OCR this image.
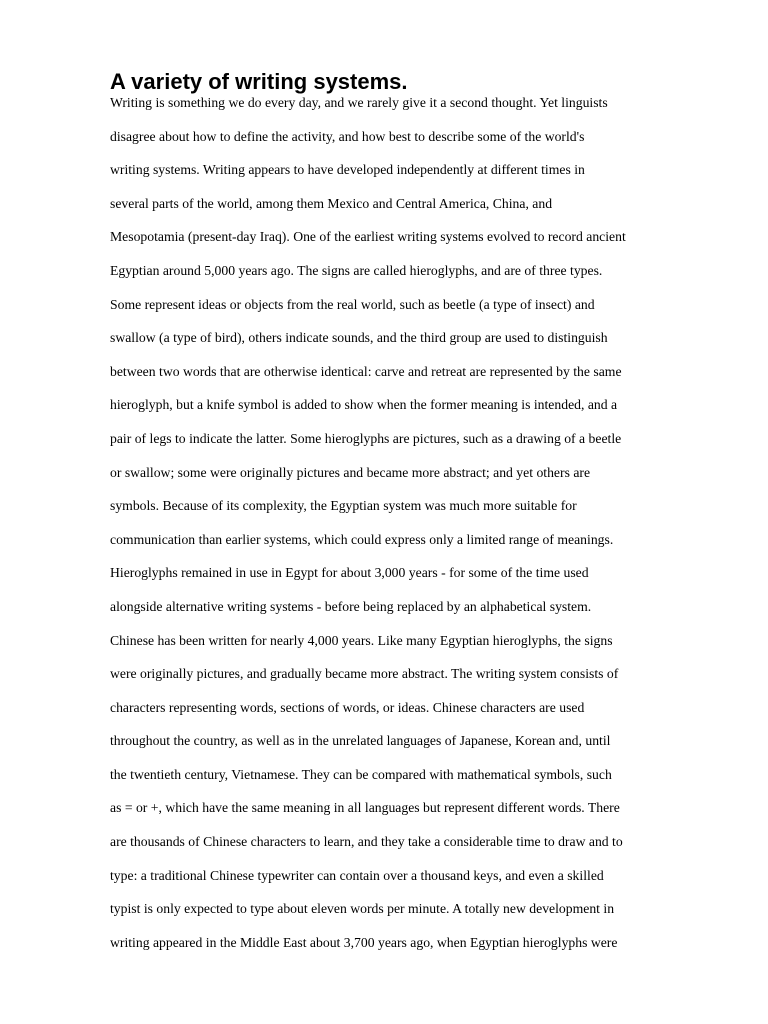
A variety of writing systems.
Writing is something we do every day, and we rarely give it a second thought. Yet linguists
disagree about how to define the activity, and how best to describe some of the world's
writing systems. Writing appears to have developed independently at different times in
several parts of the world, among them Mexico and Central America, China, and
Mesopotamia (present-day Iraq). One of the earliest writing systems evolved to record ancient
Egyptian around 5,000 years ago. The signs are called hieroglyphs, and are of three types.
Some represent ideas or objects from the real world, such as beetle (a type of insect) and
swallow (a type of bird), others indicate sounds, and the third group are used to distinguish
between two words that are otherwise identical: carve and retreat are represented by the same
hieroglyph, but a knife symbol is added to show when the former meaning is intended, and a
pair of legs to indicate the latter. Some hieroglyphs are pictures, such as a drawing of a beetle
or swallow; some were originally pictures and became more abstract; and yet others are
symbols. Because of its complexity, the Egyptian system was much more suitable for
communication than earlier systems, which could express only a limited range of meanings.
Hieroglyphs remained in use in Egypt for about 3,000 years - for some of the time used
alongside alternative writing systems - before being replaced by an alphabetical system.
Chinese has been written for nearly 4,000 years. Like many Egyptian hieroglyphs, the signs
were originally pictures, and gradually became more abstract. The writing system consists of
characters representing words, sections of words, or ideas. Chinese characters are used
throughout the country, as well as in the unrelated languages of Japanese, Korean and, until
the twentieth century, Vietnamese. They can be compared with mathematical symbols, such
as = or +, which have the same meaning in all languages but represent different words. There
are thousands of Chinese characters to learn, and they take a considerable time to draw and to
type: a traditional Chinese typewriter can contain over a thousand keys, and even a skilled
typist is only expected to type about eleven words per minute. A totally new development in
writing appeared in the Middle East about 3,700 years ago, when Egyptian hieroglyphs were
